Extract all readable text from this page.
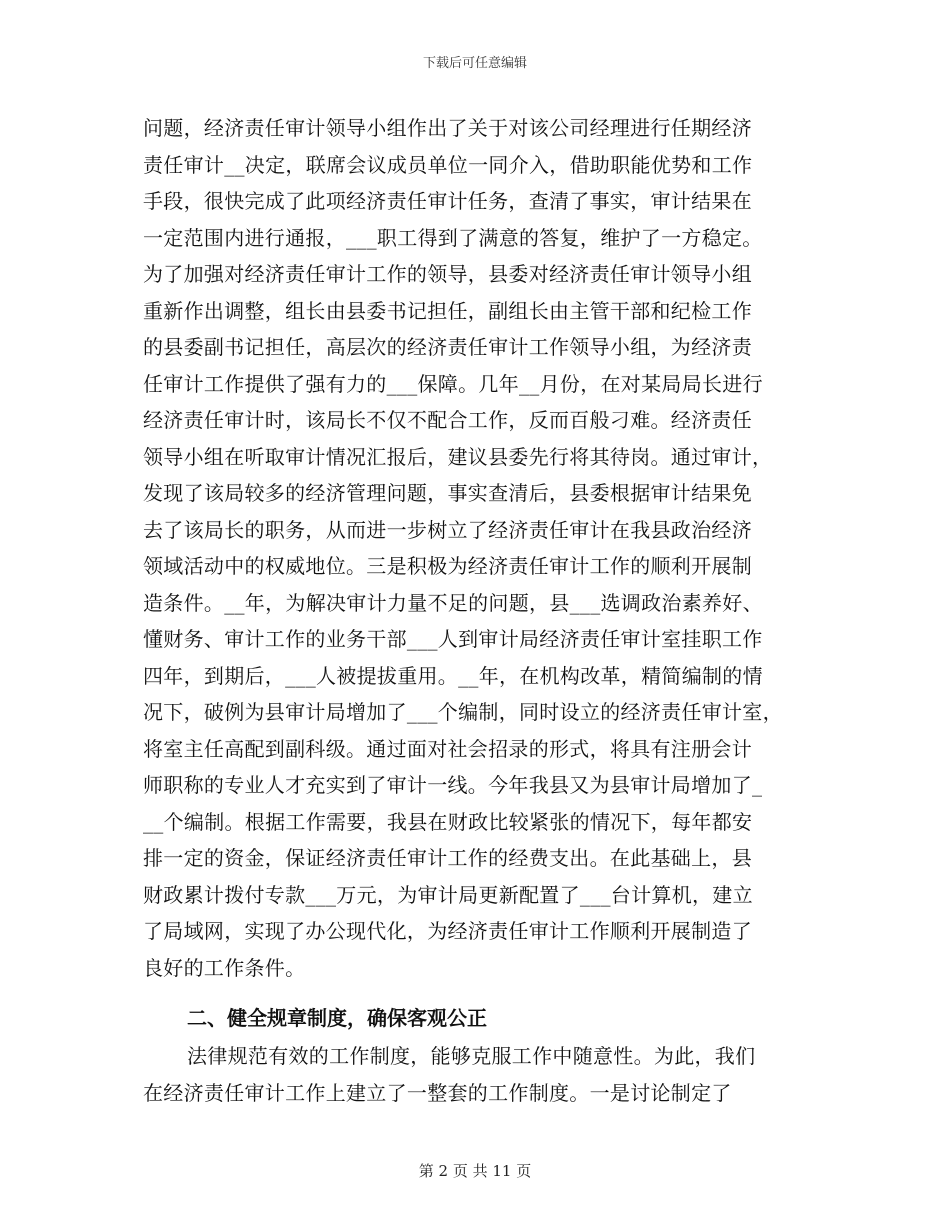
下载后可任意编辑
问题，经济责任审计领导小组作出了关于对该公司经理进行任期经济
责任审计__决定，联席会议成员单位一同介入，借助职能优势和工作
手段，很快完成了此项经济责任审计任务，查清了事实，审计结果在
一定范围内进行通报，___职工得到了满意的答复，维护了一方稳定。
为了加强对经济责任审计工作的领导，县委对经济责任审计领导小组
重新作出调整，组长由县委书记担任，副组长由主管干部和纪检工作
的县委副书记担任，高层次的经济责任审计工作领导小组，为经济责
任审计工作提供了强有力的___保障。几年__月份，在对某局局长进行
经济责任审计时，该局长不仅不配合工作，反而百般刁难。经济责任
领导小组在听取审计情况汇报后，建议县委先行将其待岗。通过审计，
发现了该局较多的经济管理问题，事实查清后，县委根据审计结果免
去了该局长的职务，从而进一步树立了经济责任审计在我县政治经济
领域活动中的权威地位。三是积极为经济责任审计工作的顺利开展制
造条件。__年，为解决审计力量不足的问题，县___选调政治素养好、
懂财务、审计工作的业务干部___人到审计局经济责任审计室挂职工作
四年，到期后，___人被提拔重用。__年，在机构改革，精简编制的情
况下，破例为县审计局增加了___个编制，同时设立的经济责任审计室，
将室主任高配到副科级。通过面对社会招录的形式，将具有注册会计
师职称的专业人才充实到了审计一线。今年我县又为县审计局增加了_
__个编制。根据工作需要，我县在财政比较紧张的情况下，每年都安
排一定的资金，保证经济责任审计工作的经费支出。在此基础上，县
财政累计拨付专款___万元，为审计局更新配置了___台计算机，建立
了局域网，实现了办公现代化，为经济责任审计工作顺利开展制造了
良好的工作条件。
二、健全规章制度，确保客观公正
法律规范有效的工作制度，能够克服工作中随意性。为此，我们
在经济责任审计工作上建立了一整套的工作制度。一是讨论制定了
第 2 页 共 11 页
